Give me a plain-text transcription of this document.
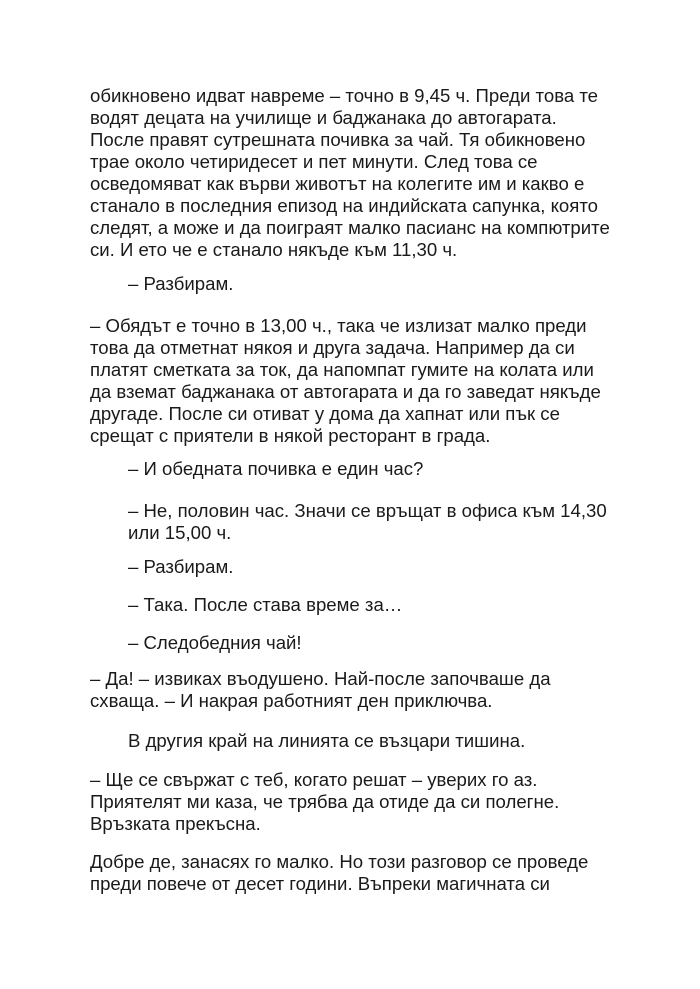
обикновено идват навреме – точно в 9,45 ч. Преди това те
водят децата на училище и баджанака до автогарата.
После правят сутрешната почивка за чай. Тя обикновено
трае около четиридесет и пет минути. След това се
осведомяват как върви животът на колегите им и какво е
станало в последния епизод на индийската сапунка, която
следят, а може и да поиграят малко пасианс на компютрите
си. И ето че е станало някъде към 11,30 ч.
– Разбирам.
– Обядът е точно в 13,00 ч., така че излизат малко преди
това да отметнат някоя и друга задача. Например да си
платят сметката за ток, да напомпат гумите на колата или
да вземат баджанака от автогарата и да го заведат някъде
другаде. После си отиват у дома да хапнат или пък се
срещат с приятели в някой ресторант в града.
– И обедната почивка е един час?
– Не, половин час. Значи се връщат в офиса към 14,30
или 15,00 ч.
– Разбирам.
– Така. После става време за…
– Следобедния чай!
– Да! – извиках въодушено. Най-после започваше да
схваща. – И накрая работният ден приключва.
В другия край на линията се възцари тишина.
– Ще се свържат с теб, когато решат – уверих го аз.
Приятелят ми каза, че трябва да отиде да си полегне.
Връзката прекъсна.
Добре де, занасях го малко. Но този разговор се проведе
преди повече от десет години. Въпреки магичната си
